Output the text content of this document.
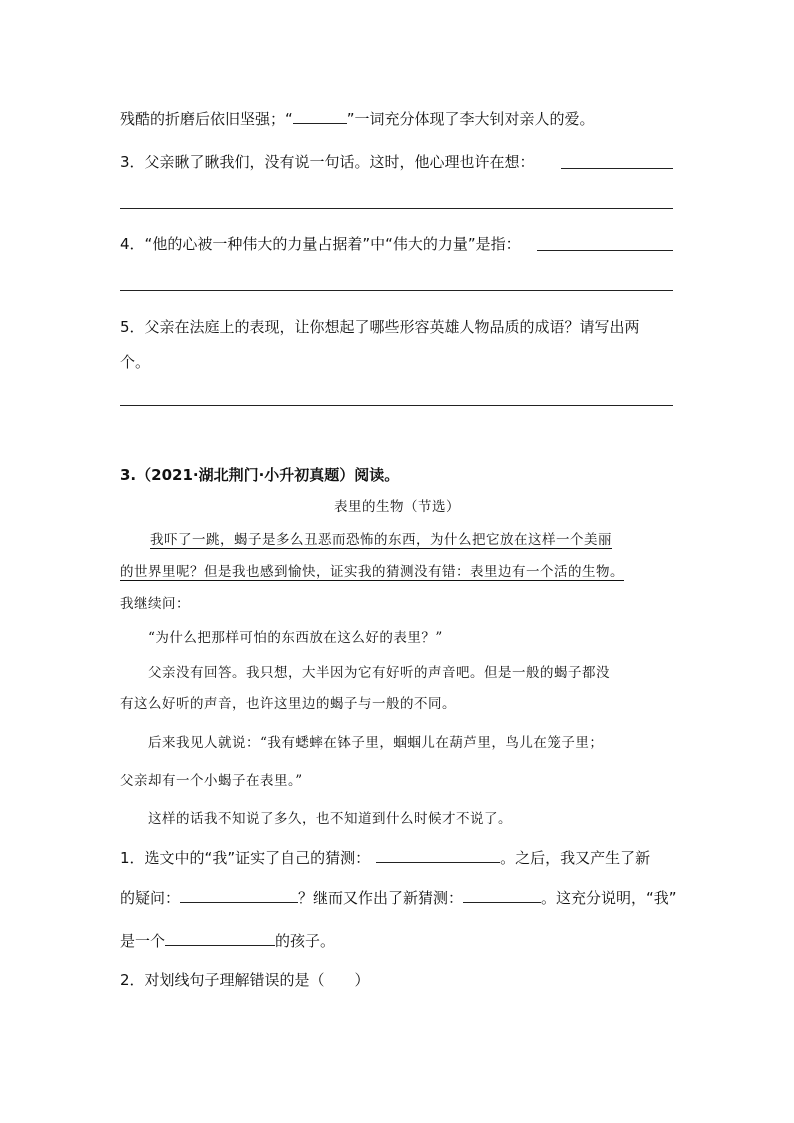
残酷的折磨后依旧坚强；“	”一词充分体现了李大钊对亲人的爱。
3．父亲瞅了瞅我们，没有说一句话。这时，他心理也许在想：
4．“他的心被一种伟大的力量占据着”中“伟大的力量”是指：
5．父亲在法庭上的表现，让你想起了哪些形容英雄人物品质的成语？请写出两
个。
3.（2021·湖北荆门·小升初真题）阅读。
表里的生物（节选）
我吓了一跳，蝎子是多么丑恶而恐怖的东西，为什么把它放在这样一个美丽
的世界里呢？但是我也感到愉快，证实我的猜测没有错：表里边有一个活的生物。
我继续问：
“为什么把那样可怕的东西放在这么好的表里？”
父亲没有回答。我只想，大半因为它有好听的声音吧。但是一般的蝎子都没
有这么好听的声音，也许这里边的蝎子与一般的不同。
后来我见人就说：“我有蟋蟀在钵子里，蝈蝈儿在葫芦里，鸟儿在笼子里；
父亲却有一个小蝎子在表里。”
这样的话我不知说了多久，也不知道到什么时候才不说了。
1．选文中的“我”证实了自己的猜测：	。之后，我又产生了新
的疑问：	？继而又作出了新猜测：	。这充分说明，“我”
是一个	的孩子。
2．对划线句子理解错误的是（　　）
